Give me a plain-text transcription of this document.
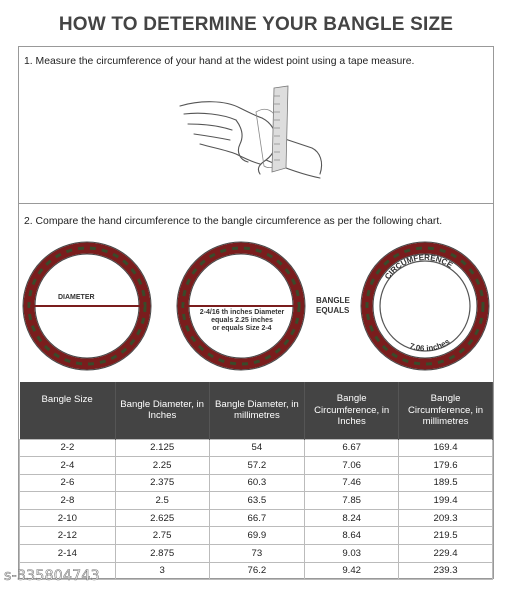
HOW TO DETERMINE YOUR BANGLE SIZE
1. Measure the circumference of your hand at the widest point using a tape measure.
2. Compare the hand circumference to the bangle circumference as per the following chart.
DIAMETER
2-4/16 th inches Diameter
equals 2.25 inches
or equals Size 2-4
BANGLE
EQUALS
CIRCUMFERENCE
7.06 inches
Bangle Size	Bangle Diameter, in Inches	Bangle Diameter, in millimetres	Bangle Circumference, in Inches	Bangle Circumference, in millimetres
2-2	2.125	54	6.67	169.4
2-4	2.25	57.2	7.06	179.6
2-6	2.375	60.3	7.46	189.5
2-8	2.5	63.5	7.85	199.4
2-10	2.625	66.7	8.24	209.3
2-12	2.75	69.9	8.64	219.5
2-14	2.875	73	9.03	229.4
	3	76.2	9.42	239.3
s-335804743
